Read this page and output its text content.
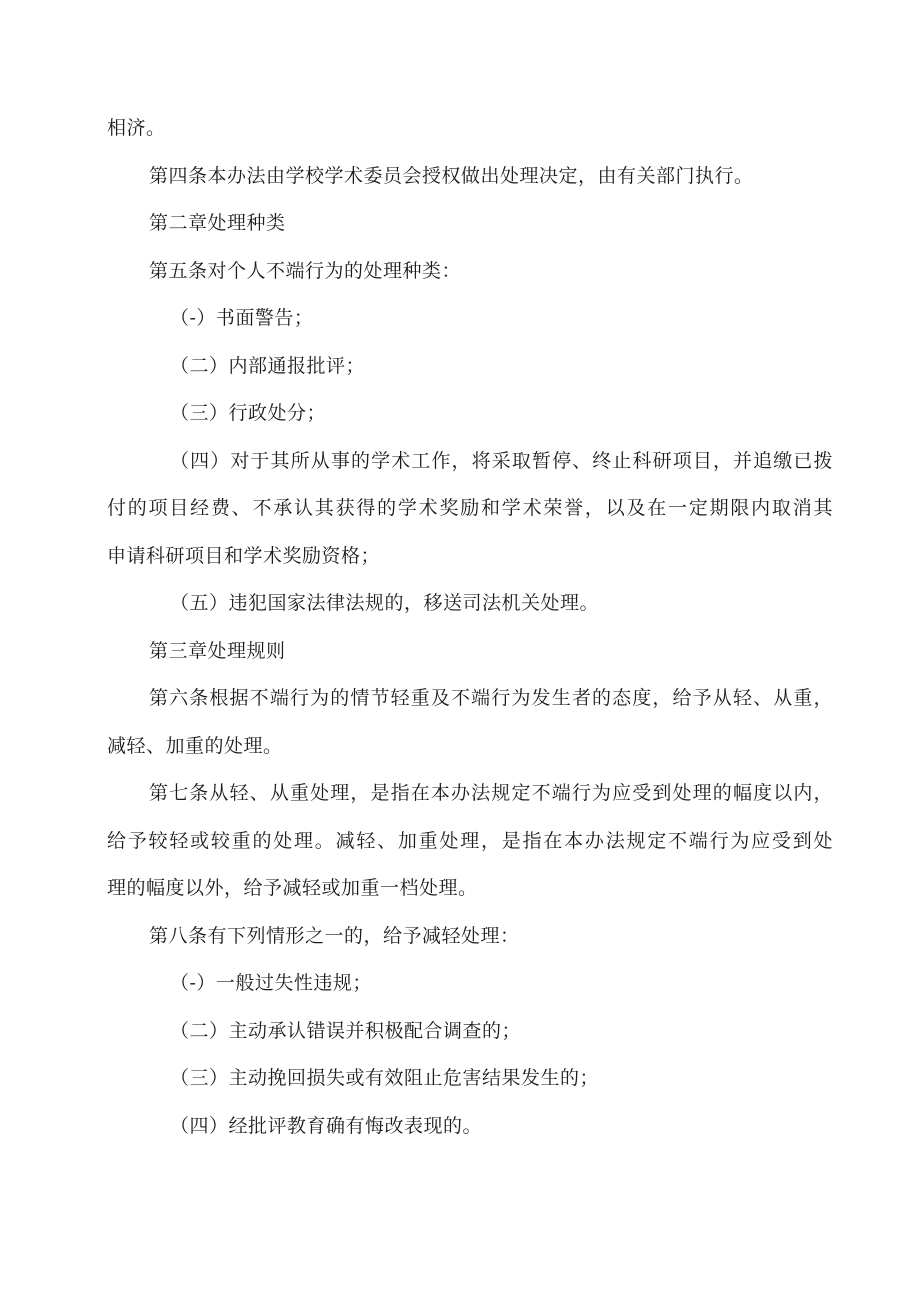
相济。
第四条本办法由学校学术委员会授权做出处理决定，由有关部门执行。
第二章处理种类
第五条对个人不端行为的处理种类：
（-）书面警告；
（二）内部通报批评；
（三）行政处分；
（四）对于其所从事的学术工作，将采取暂停、终止科研项目，并追缴已拨
付的项目经费、不承认其获得的学术奖励和学术荣誉，以及在一定期限内取消其
申请科研项目和学术奖励资格；
（五）违犯国家法律法规的，移送司法机关处理。
第三章处理规则
第六条根据不端行为的情节轻重及不端行为发生者的态度，给予从轻、从重，
减轻、加重的处理。
第七条从轻、从重处理，是指在本办法规定不端行为应受到处理的幅度以内，
给予较轻或较重的处理。减轻、加重处理，是指在本办法规定不端行为应受到处
理的幅度以外，给予减轻或加重一档处理。
第八条有下列情形之一的，给予减轻处理：
（-）一般过失性违规；
（二）主动承认错误并积极配合调查的；
（三）主动挽回损失或有效阻止危害结果发生的；
（四）经批评教育确有悔改表现的。
